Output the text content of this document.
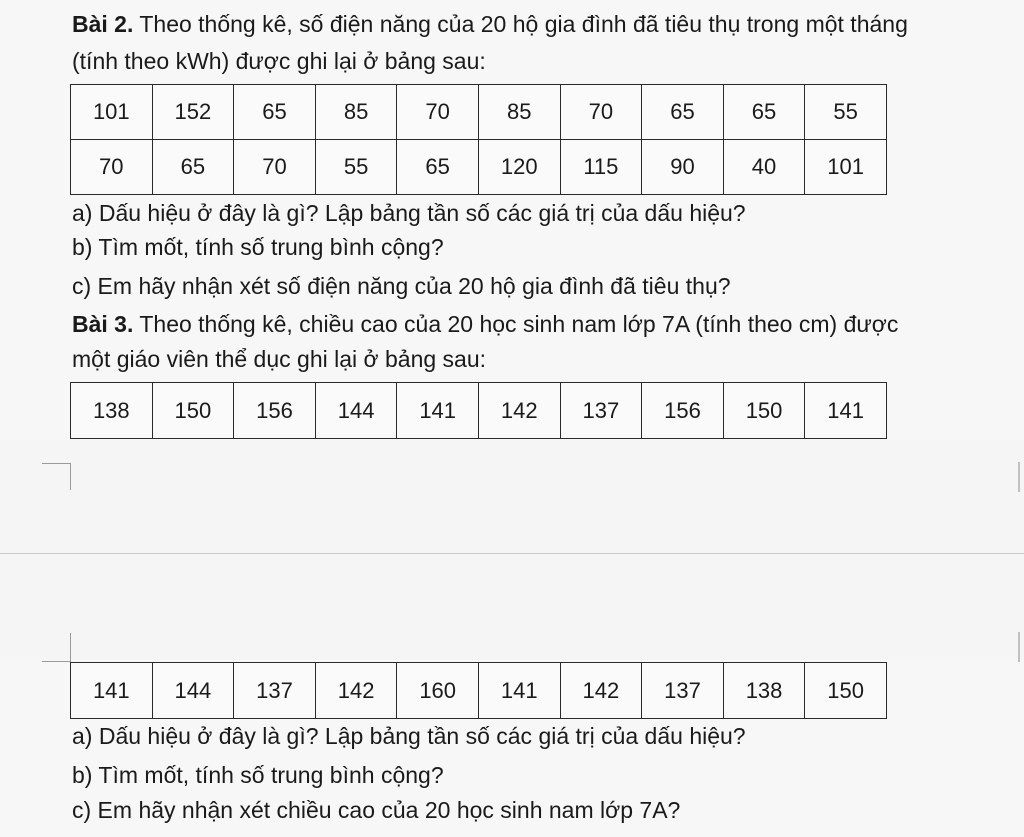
Bài 2. Theo thống kê, số điện năng của 20 hộ gia đình đã tiêu thụ trong một tháng
(tính theo kWh) được ghi lại ở bảng sau:
101	152	65	85	70	85	70	65	65	55
70	65	70	55	65	120	115	90	40	101
a) Dấu hiệu ở đây là gì? Lập bảng tần số các giá trị của dấu hiệu?
b) Tìm mốt, tính số trung bình cộng?
c) Em hãy nhận xét số điện năng của 20 hộ gia đình đã tiêu thụ?
Bài 3. Theo thống kê, chiều cao của 20 học sinh nam lớp 7A (tính theo cm) được
một giáo viên thể dục ghi lại ở bảng sau:
138	150	156	144	141	142	137	156	150	141
141	144	137	142	160	141	142	137	138	150
a) Dấu hiệu ở đây là gì? Lập bảng tần số các giá trị của dấu hiệu?
b) Tìm mốt, tính số trung bình cộng?
c) Em hãy nhận xét chiều cao của 20 học sinh nam lớp 7A?
